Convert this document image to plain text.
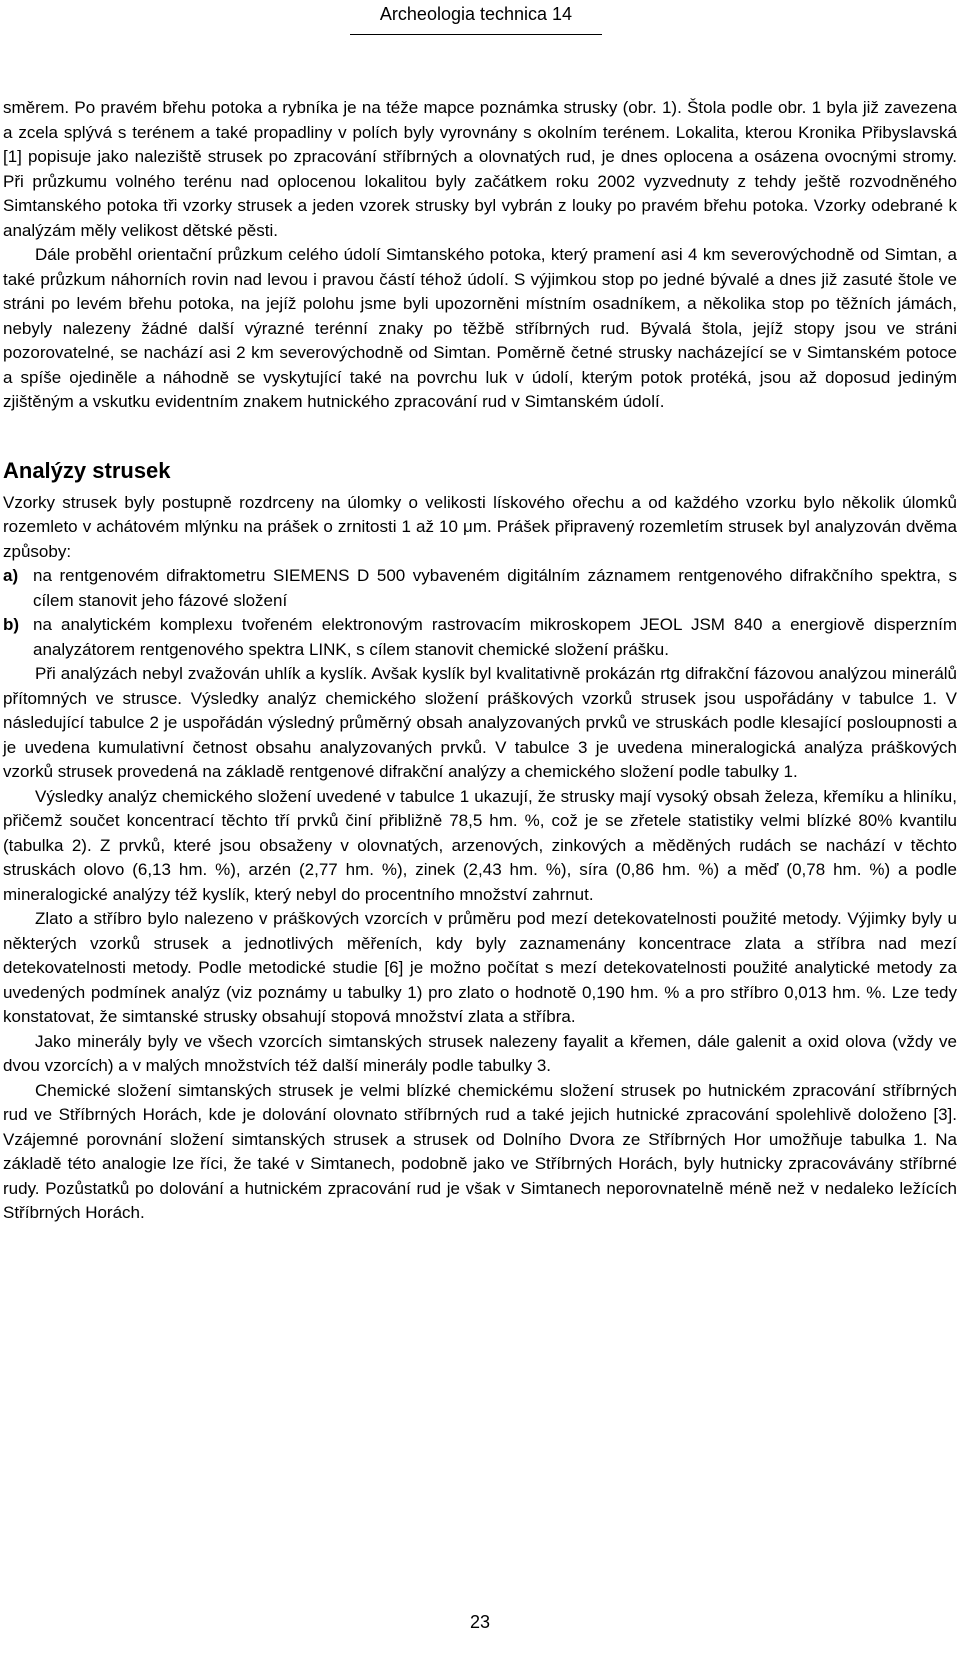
Archeologia technica 14

směrem. Po pravém břehu potoka a rybníka je na téže mapce poznámka strusky (obr. 1). Štola podle obr. 1 byla již zavezena a zcela splývá s terénem a také propadliny v polích byly vyrovnány s okolním terénem. Lokalita, kterou Kronika Přibyslavská [1] popisuje jako naleziště strusek po zpracování stříbrných a olovnatých rud, je dnes oplocena a osázena ovocnými stromy. Při průzkumu volného terénu nad oplocenou lokalitou byly začátkem roku 2002 vyzvednuty z tehdy ještě rozvodněného Simtanského potoka tři vzorky strusek a jeden vzorek strusky byl vybrán z louky po pravém břehu potoka. Vzorky odebrané k analýzám měly velikost dětské pěsti.

Dále proběhl orientační průzkum celého údolí Simtanského potoka, který pramení asi 4 km severovýchodně od Simtan, a také průzkum náhorních rovin nad levou i pravou částí téhož údolí. S výjimkou stop po jedné bývalé a dnes již zasuté štole ve stráni po levém břehu potoka, na jejíž polohu jsme byli upozorněni místním osadníkem, a několika stop po těžních jámách, nebyly nalezeny žádné další výrazné terénní znaky po těžbě stříbrných rud. Bývalá štola, jejíž stopy jsou ve stráni pozorovatelné, se nachází asi 2 km severovýchodně od Simtan. Poměrně četné strusky nacházející se v Simtanském potoce a spíše ojediněle a náhodně se vyskytující také na povrchu luk v údolí, kterým potok protéká, jsou až doposud jediným zjištěným a vskutku evidentním znakem hutnického zpracování rud v Simtanském údolí.

Analýzy strusek

Vzorky strusek byly postupně rozdrceny na úlomky o velikosti lískového ořechu a od každého vzorku bylo několik úlomků rozemleto v achátovém mlýnku na prášek o zrnitosti 1 až 10 μm. Prášek připravený rozemletím strusek byl analyzován dvěma způsoby:

a) na rentgenovém difraktometru SIEMENS D 500 vybaveném digitálním záznamem rentgenového difrakčního spektra, s cílem stanovit jeho fázové složení
b) na analytickém komplexu tvořeném elektronovým rastrovacím mikroskopem JEOL JSM 840 a energiově disperzním analyzátorem rentgenového spektra LINK, s cílem stanovit chemické složení prášku.

Při analýzách nebyl zvažován uhlík a kyslík. Avšak kyslík byl kvalitativně prokázán rtg difrakční fázovou analýzou minerálů přítomných ve strusce. Výsledky analýz chemického složení práškových vzorků strusek jsou uspořádány v tabulce 1. V následující tabulce 2 je uspořádán výsledný průměrný obsah analyzovaných prvků ve struskách podle klesající posloupnosti a je uvedena kumulativní četnost obsahu analyzovaných prvků. V tabulce 3 je uvedena mineralogická analýza práškových vzorků strusek provedená na základě rentgenové difrakční analýzy a chemického složení podle tabulky 1.

Výsledky analýz chemického složení uvedené v tabulce 1 ukazují, že strusky mají vysoký obsah železa, křemíku a hliníku, přičemž součet koncentrací těchto tří prvků činí přibližně 78,5 hm. %, což je se zřetele statistiky velmi blízké 80% kvantilu (tabulka 2). Z prvků, které jsou obsaženy v olovnatých, arzenových, zinkových a měděných rudách se nachází v těchto struskách olovo (6,13 hm. %), arzén (2,77 hm. %), zinek (2,43 hm. %), síra (0,86 hm. %) a měď (0,78 hm. %) a podle mineralogické analýzy též kyslík, který nebyl do procentního množství zahrnut.

Zlato a stříbro bylo nalezeno v práškových vzorcích v průměru pod mezí detekovatelnosti použité metody. Výjimky byly u některých vzorků strusek a jednotlivých měřeních, kdy byly zaznamenány koncentrace zlata a stříbra nad mezí detekovatelnosti metody. Podle metodické studie [6] je možno počítat s mezí detekovatelnosti použité analytické metody za uvedených podmínek analýz (viz poznámy u tabulky 1) pro zlato o hodnotě 0,190 hm. % a pro stříbro 0,013 hm. %. Lze tedy konstatovat, že simtanské strusky obsahují stopová množství zlata a stříbra.

Jako minerály byly ve všech vzorcích simtanských strusek nalezeny fayalit a křemen, dále galenit a oxid olova (vždy ve dvou vzorcích) a v malých množstvích též další minerály podle tabulky 3.

Chemické složení simtanských strusek je velmi blízké chemickému složení strusek po hutnickém zpracování stříbrných rud ve Stříbrných Horách, kde je dolování olovnato stříbrných rud a také jejich hutnické zpracování spolehlivě doloženo [3]. Vzájemné porovnání složení simtanských strusek a strusek od Dolního Dvora ze Stříbrných Hor umožňuje tabulka 1. Na základě této analogie lze říci, že také v Simtanech, podobně jako ve Stříbrných Horách, byly hutnicky zpracovávány stříbrné rudy. Pozůstatků po dolování a hutnickém zpracování rud je však v Simtanech neporovnatelně méně než v nedaleko ležících Stříbrných Horách.

23
